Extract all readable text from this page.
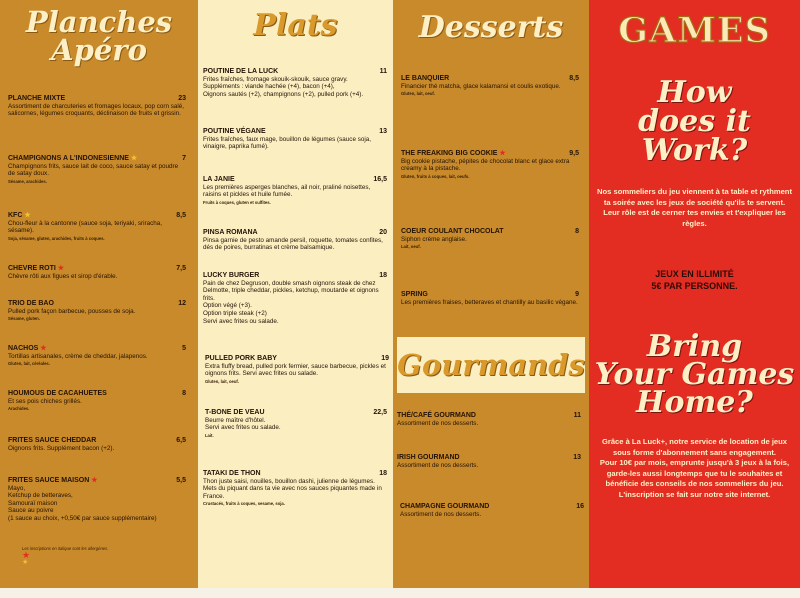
Planches
Apéro
PLANCHE MIXTE	23
Assortiment de charcuteries et fromages locaux, pop corn salé, salicornes, légumes croquants, déclinaison de fruits et grissin.
CHAMPIGNONS A L'INDONESIENNE ★	7
Champignons frits, sauce lait de coco, sauce satay et poudre de satay doux.
Sésame, arachides.
KFC ★	8,5
Chou-fleur à la cantonne (sauce soja, teriyaki, sriracha, sésame).
Soja, sésame, gluten, arachides, fruits à coques.
CHEVRE ROTI ★	7,5
Chèvre rôti aux figues et sirop d'érable.
TRIO DE BAO	12
Pulled pork façon barbecue, pousses de soja.
Sésame, gluten.
NACHOS ★	5
Tortillas artisanales, crème de cheddar, jalapenos.
Gluten, lait, céréales.
HOUMOUS DE CACAHUETES	8
Et ses pois chiches grillés.
Arachides.
FRITES SAUCE CHEDDAR	6,5
Oignons frits. Supplément bacon (+2).
FRITES SAUCE MAISON ★	5,5
Mayo,
Ketchup de betteraves,
Samouraï maison
Sauce au poivre
(1 sauce au choix, +0,50€ par sauce supplémentaire)
Les inscriptions en italique sont les allergènes.
★
★
Plats
POUTINE DE LA LUCK	11
Frites fraîches, fromage skouik-skouik, sauce gravy.
Suppléments : viande hachée (+4), bacon (+4),
Oignons sautés (+2), champignons (+2), pulled pork (+4).
POUTINE VÉGANE	13
Frites fraîches, faux mage, bouillon de légumes (sauce soja, vinaigre, paprika fumé).
LA JANIE	16,5
Les premières asperges blanches, ail noir, praliné noisettes, raisins et pickles et huile fumée.
Fruits à coques, gluten et sulfites.
PINSA ROMANA	20
Pinsa garnie de pesto amande persil, roquette, tomates confites, dés de poires, burratinas et crème balsamique.
LUCKY BURGER	18
Pain de chez Degruson, double smash oignons steak de chez Delmotte, triple cheddar, pickles, ketchup, moutarde et oignons frits.
Option végé (+3).
Option triple steak (+2)
Servi avec frites ou salade.
PULLED PORK BABY	19
Extra fluffy bread, pulled pork fermier, sauce barbecue, pickles et oignons frits. Servi avec frites ou salade.
Gluten, lait, oeuf.
T-BONE DE VEAU	22,5
Beurre maître d'hôtel.
Servi avec frites ou salade.
Lait.
TATAKI DE THON	18
Thon juste saisi, nouilles, bouillon dashi, julienne de légumes.
Mets du piquant dans ta vie avec nos sauces piquantes made in France.
Crustacés, fruits à coques, sesame, soja.
Desserts
LE BANQUIER	8,5
Financier thé matcha, glace kalamansi et coulis exotique.
Gluten, lait, oeuf.
THE FREAKING BIG COOKIE ★	9,5
Big cookie pistache, pépites de chocolat blanc et glace extra creamy à la pistache.
Gluten, fruits à coques, lait, oeufs.
COEUR COULANT CHOCOLAT	8
Siphon crème anglaise.
Lait, oeuf.
SPRING	9
Les premières fraises, betteraves et chantilly au basilic végane.
Gourmands
THÉ/CAFÉ GOURMAND	11
Assortiment de nos desserts.
IRISH GOURMAND	13
Assortiment de nos desserts.
CHAMPAGNE GOURMAND	16
Assortiment de nos desserts.
GAMES
How
does it
Work?
Nos sommeliers du jeu viennent à ta table et rythment ta soirée avec les jeux de société qu'ils te servent.
Leur rôle est de cerner tes envies et t'expliquer les règles.
JEUX EN ILLIMITÉ
5€ PAR PERSONNE.
Bring
Your Games
Home?
Grâce à La Luck+, notre service de location de jeux sous forme d'abonnement sans engagement.
Pour 10€ par mois, emprunte jusqu'à 3 jeux à la fois, garde-les aussi longtemps que tu le souhaites et bénéficie des conseils de nos sommeliers du jeu.
L'inscription se fait sur notre site internet.
